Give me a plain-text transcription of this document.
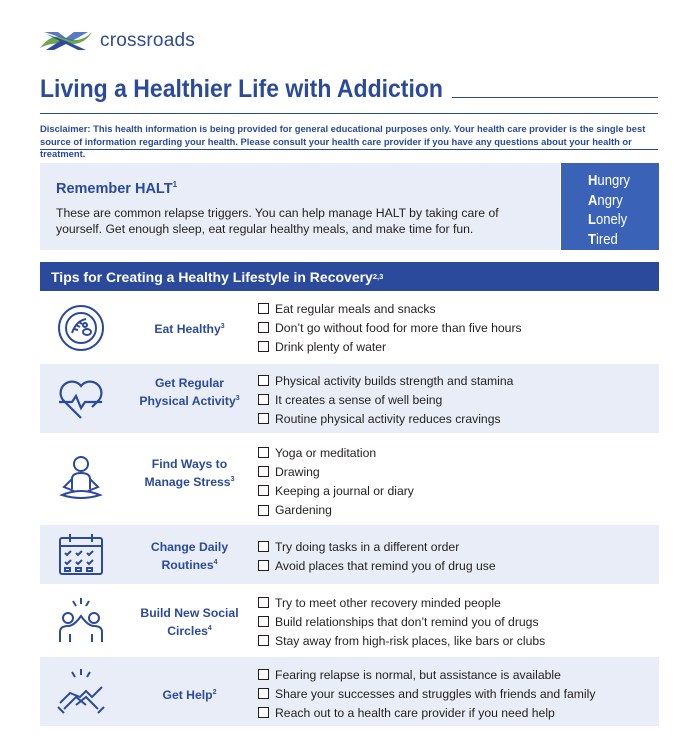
crossroads
Living a Healthier Life with Addiction
Disclaimer: This health information is being provided for general educational purposes only. Your health care provider is the single best source of information regarding your health. Please consult your health care provider if you have any questions about your health or treatment.
Remember HALT$^1$
These are common relapse triggers. You can help manage HALT by taking care of yourself. Get enough sleep, eat regular healthy meals, and make time for fun.
Hungry
Angry
Lonely
Tired
Tips for Creating a Healthy Lifestyle in Recovery 2,3
Eat Healthy$^3$
Eat regular meals and snacks
Don’t go without food for more than five hours
Drink plenty of water
Get Regular Physical Activity$^3$
Physical activity builds strength and stamina
It creates a sense of well being
Routine physical activity reduces cravings
Find Ways to Manage Stress$^3$
Yoga or meditation
Drawing
Keeping a journal or diary
Gardening
Change Daily Routines$^4$
Try doing tasks in a different order
Avoid places that remind you of drug use
Build New Social Circles$^4$
Try to meet other recovery minded people
Build relationships that don’t remind you of drugs
Stay away from high-risk places, like bars or clubs
Get Help$^2$
Fearing relapse is normal, but assistance is available
Share your successes and struggles with friends and family
Reach out to a health care provider if you need help
